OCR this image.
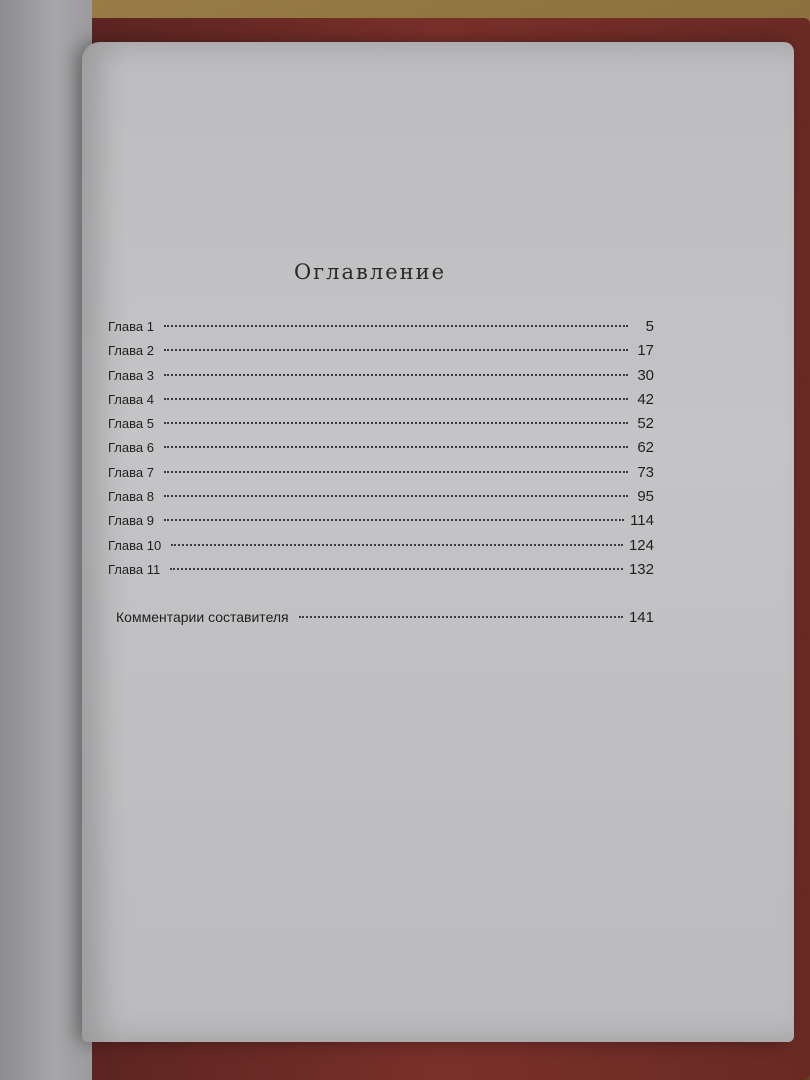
Оглавление
Глава 1	5
Глава 2	17
Глава 3	30
Глава 4	42
Глава 5	52
Глава 6	62
Глава 7	73
Глава 8	95
Глава 9	114
Глава 10	124
Глава 11	132
Комментарии составителя	141
